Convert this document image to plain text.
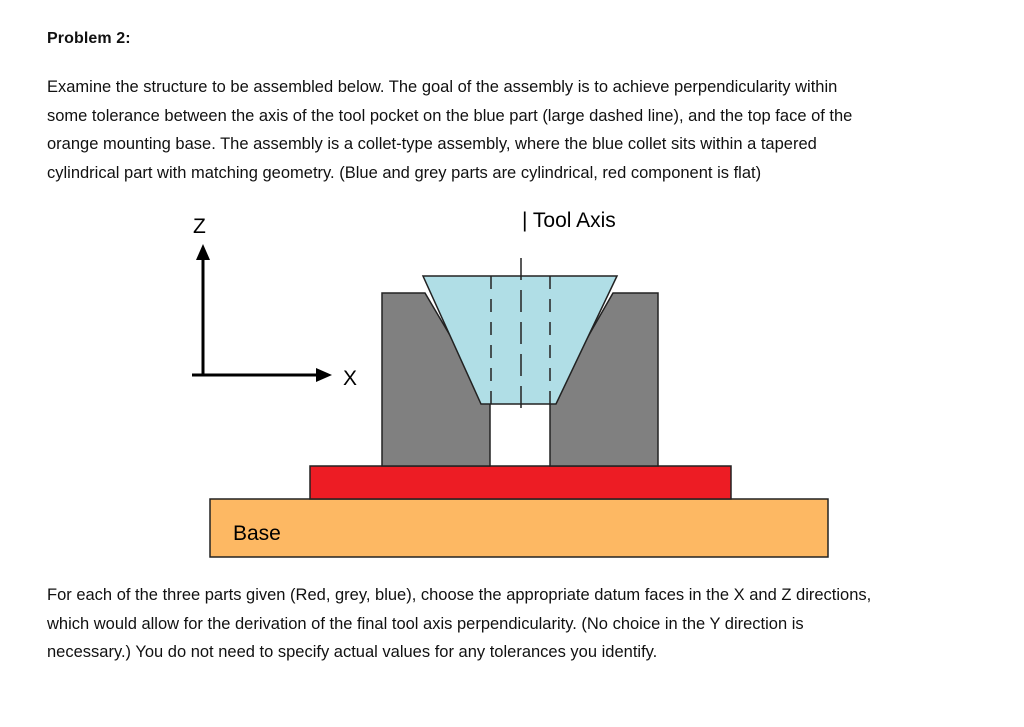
Problem 2:
Examine the structure to be assembled below. The goal of the assembly is to achieve perpendicularity within
some tolerance between the axis of the tool pocket on the blue part (large dashed line), and the top face of the
orange mounting base. The assembly is a collet-type assembly, where the blue collet sits within a tapered
cylindrical part with matching geometry. (Blue and grey parts are cylindrical, red component is flat)
Z
X
| Tool Axis
Base
For each of the three parts given (Red, grey, blue), choose the appropriate datum faces in the X and Z directions,
which would allow for the derivation of the final tool axis perpendicularity. (No choice in the Y direction is
necessary.) You do not need to specify actual values for any tolerances you identify.
